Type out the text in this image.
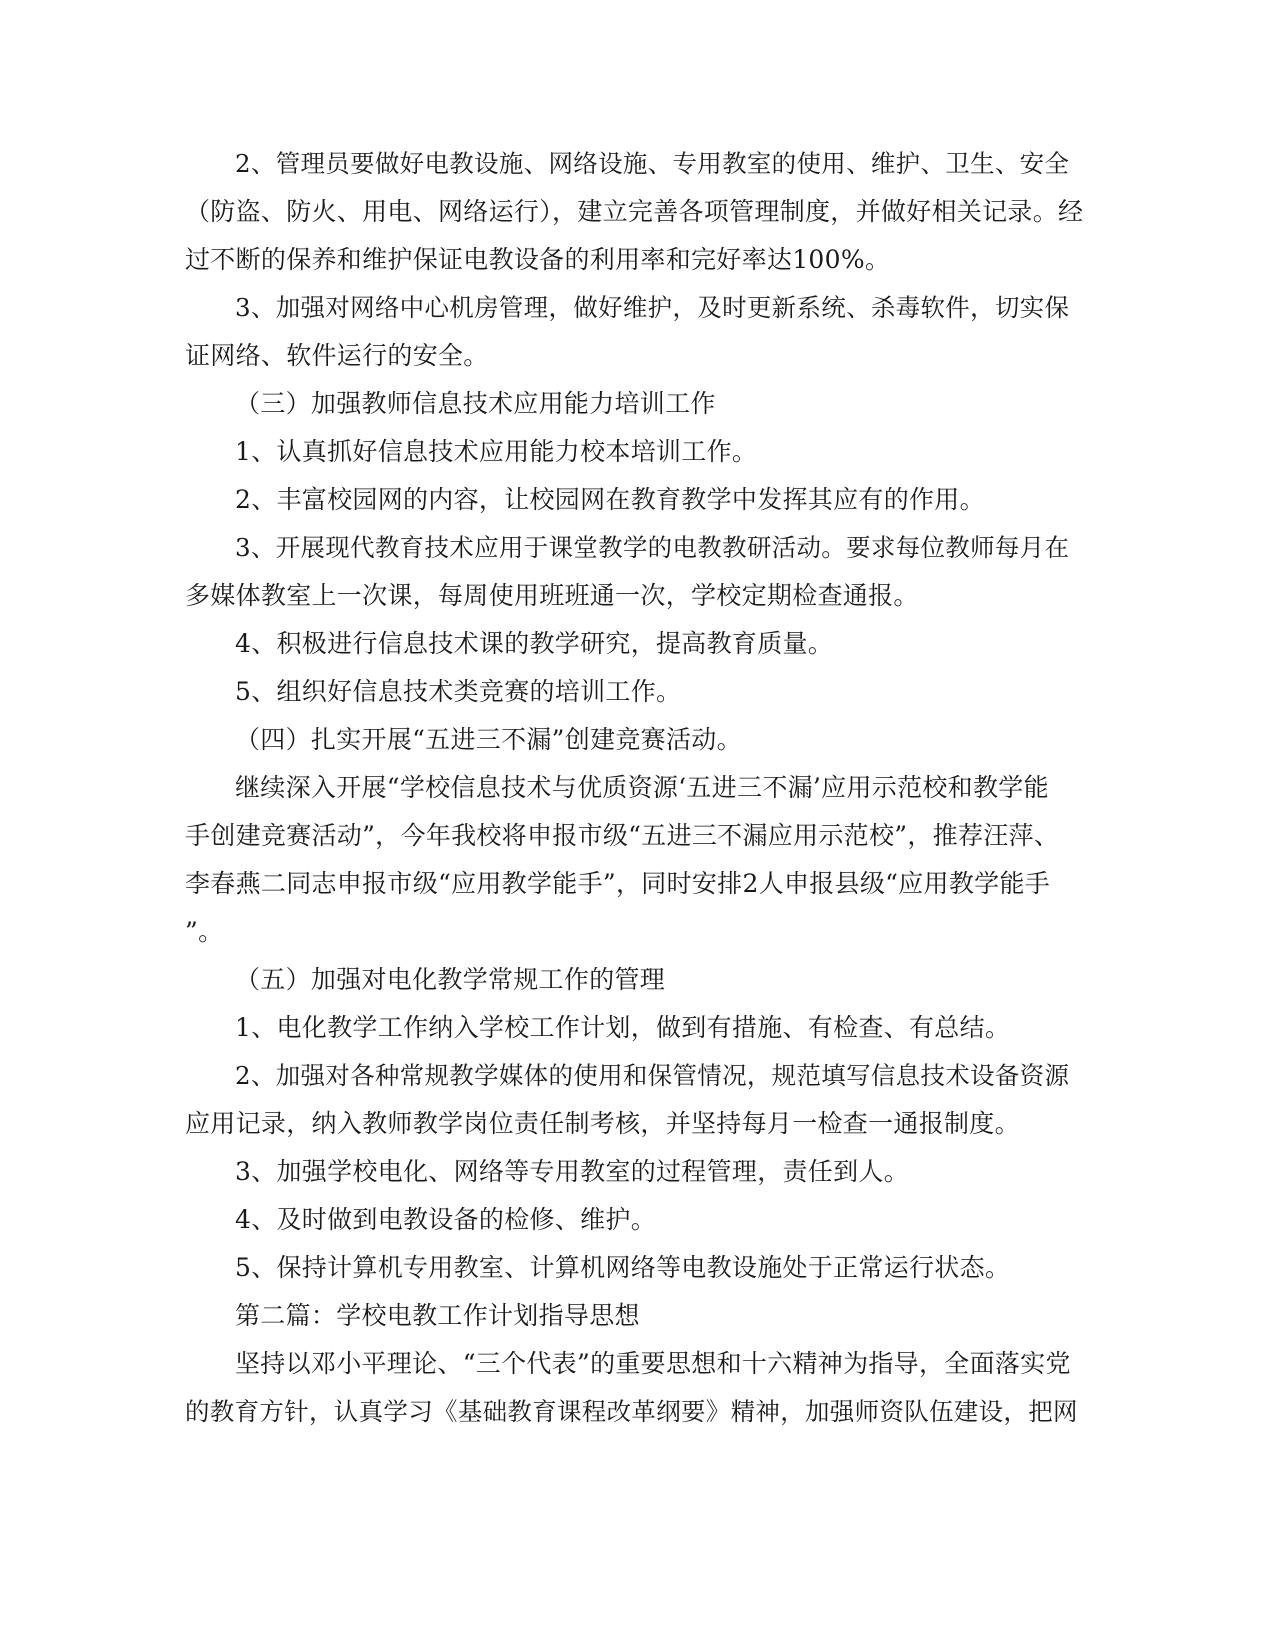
2、管理员要做好电教设施、网络设施、专用教室的使用、维护、卫生、安全
（防盗、防火、用电、网络运行），建立完善各项管理制度，并做好相关记录。经
过不断的保养和维护保证电教设备的利用率和完好率达100%。
3、加强对网络中心机房管理，做好维护，及时更新系统、杀毒软件，切实保
证网络、软件运行的安全。
（三）加强教师信息技术应用能力培训工作
1、认真抓好信息技术应用能力校本培训工作。
2、丰富校园网的内容，让校园网在教育教学中发挥其应有的作用。
3、开展现代教育技术应用于课堂教学的电教教研活动。要求每位教师每月在
多媒体教室上一次课，每周使用班班通一次，学校定期检查通报。
4、积极进行信息技术课的教学研究，提高教育质量。
5、组织好信息技术类竞赛的培训工作。
（四）扎实开展“五进三不漏”创建竞赛活动。
继续深入开展“学校信息技术与优质资源‘五进三不漏’应用示范校和教学能
手创建竞赛活动”，今年我校将申报市级“五进三不漏应用示范校”，推荐汪萍、
李春燕二同志申报市级“应用教学能手”，同时安排2人申报县级“应用教学能手
”。
（五）加强对电化教学常规工作的管理
1、电化教学工作纳入学校工作计划，做到有措施、有检查、有总结。
2、加强对各种常规教学媒体的使用和保管情况，规范填写信息技术设备资源
应用记录，纳入教师教学岗位责任制考核，并坚持每月一检查一通报制度。
3、加强学校电化、网络等专用教室的过程管理，责任到人。
4、及时做到电教设备的检修、维护。
5、保持计算机专用教室、计算机网络等电教设施处于正常运行状态。
第二篇：学校电教工作计划指导思想
坚持以邓小平理论、“三个代表”的重要思想和十六精神为指导，全面落实党
的教育方针，认真学习《基础教育课程改革纲要》精神，加强师资队伍建设，把网
